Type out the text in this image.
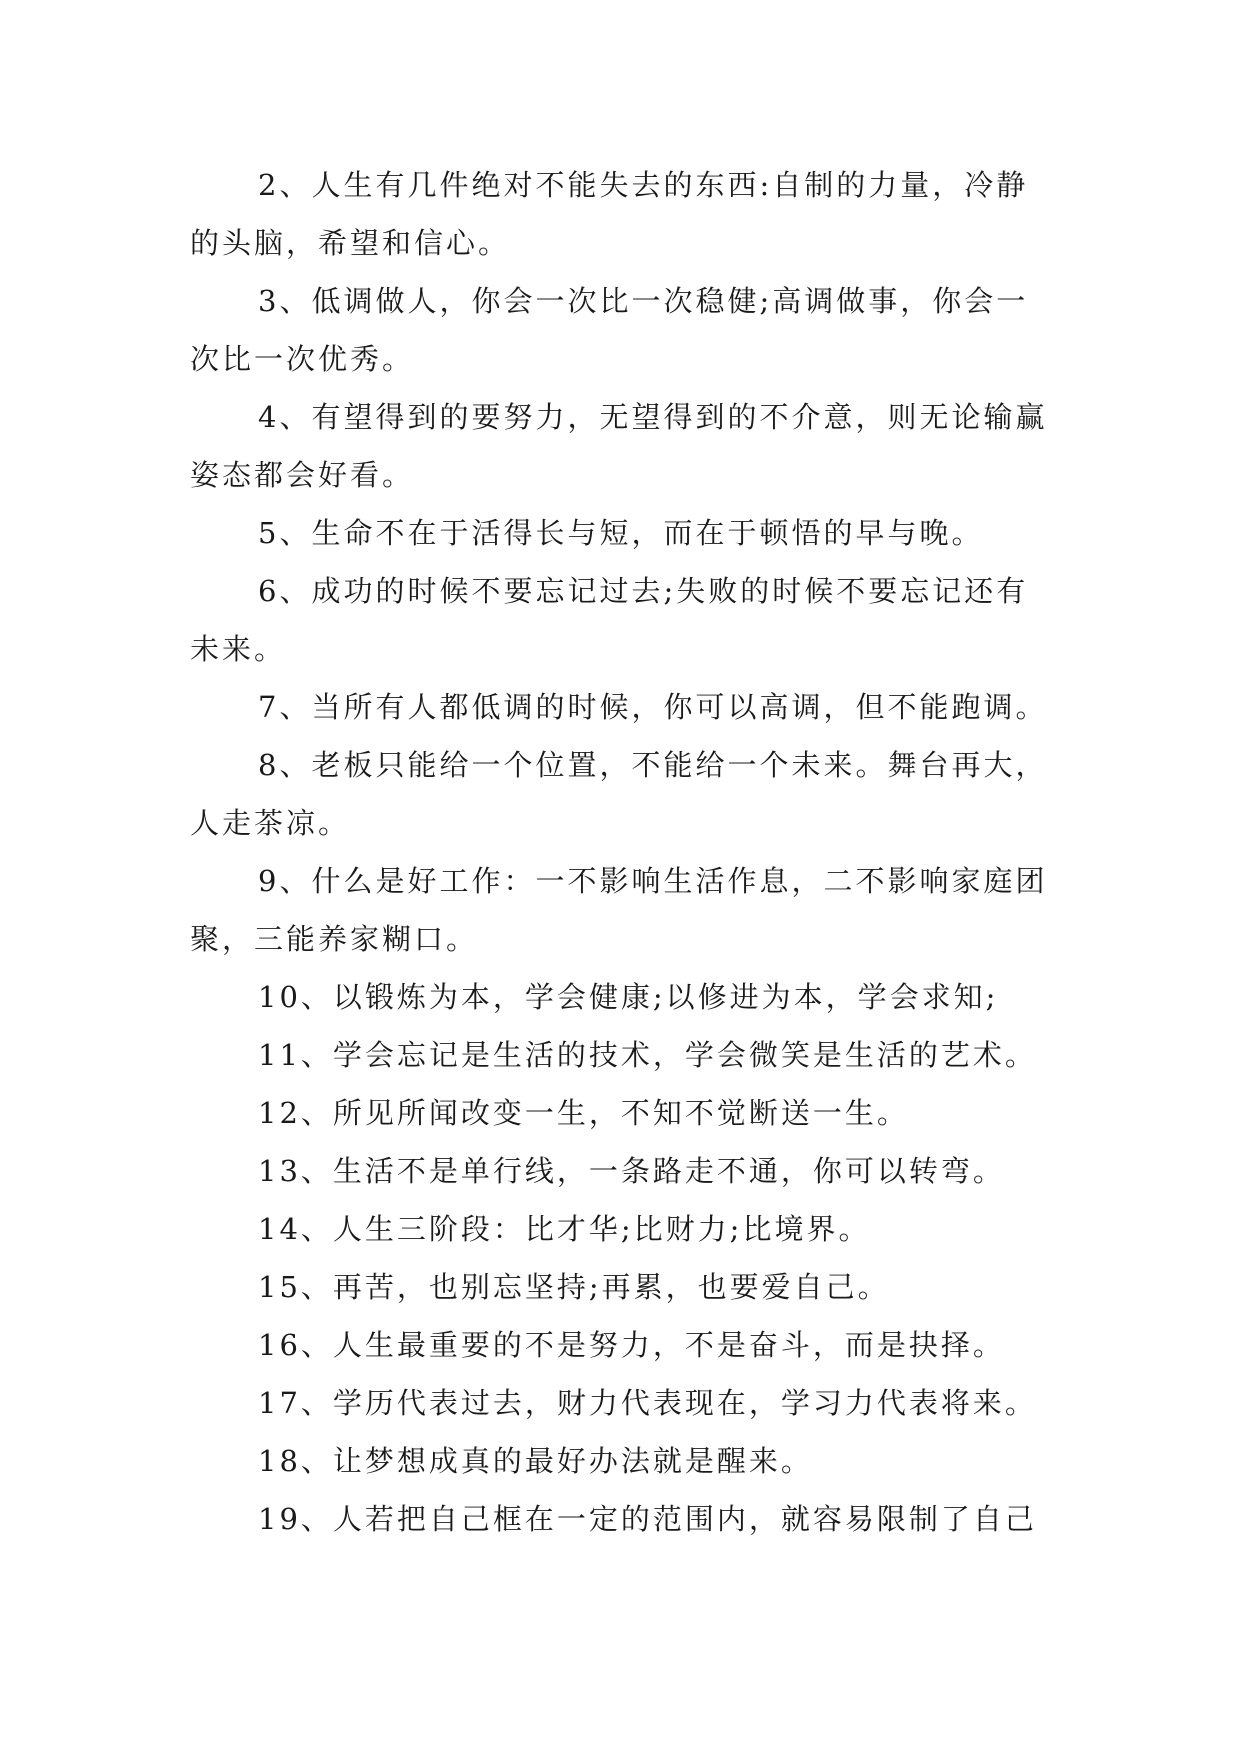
2、人生有几件绝对不能失去的东西:自制的力量，冷静的头脑，希望和信心。

3、低调做人，你会一次比一次稳健;高调做事，你会一次比一次优秀。

4、有望得到的要努力，无望得到的不介意，则无论输赢姿态都会好看。

5、生命不在于活得长与短，而在于顿悟的早与晚。

6、成功的时候不要忘记过去;失败的时候不要忘记还有未来。

7、当所有人都低调的时候，你可以高调，但不能跑调。

8、老板只能给一个位置，不能给一个未来。舞台再大，人走茶凉。

9、什么是好工作：一不影响生活作息，二不影响家庭团聚，三能养家糊口。

10、以锻炼为本，学会健康;以修进为本，学会求知;

11、学会忘记是生活的技术，学会微笑是生活的艺术。

12、所见所闻改变一生，不知不觉断送一生。

13、生活不是单行线，一条路走不通，你可以转弯。

14、人生三阶段：比才华;比财力;比境界。

15、再苦，也别忘坚持;再累，也要爱自己。

16、人生最重要的不是努力，不是奋斗，而是抉择。

17、学历代表过去，财力代表现在，学习力代表将来。

18、让梦想成真的最好办法就是醒来。

19、人若把自己框在一定的范围内，就容易限制了自己
